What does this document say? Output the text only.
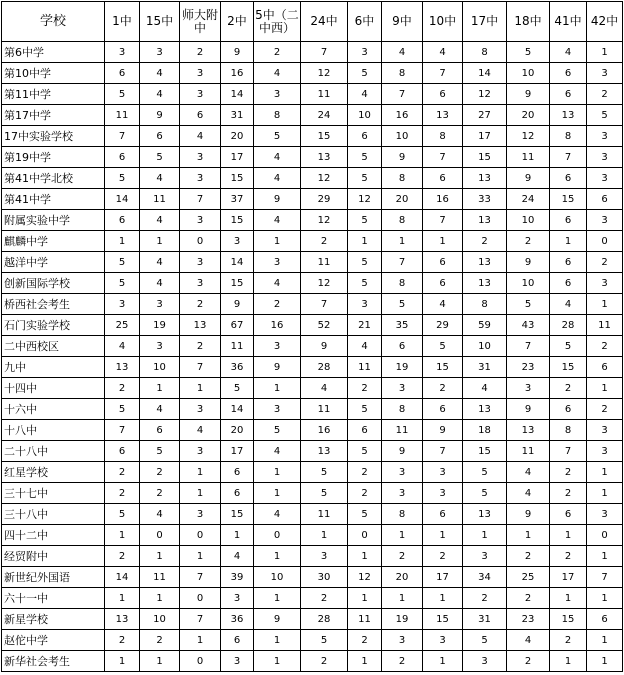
学校	1中	15中	师大附中	2中	5中（二中西）	24中	6中	9中	10中	17中	18中	41中	42中
第6中学	3	3	2	9	2	7	3	4	4	8	5	4	1
第10中学	6	4	3	16	4	12	5	8	7	14	10	6	3
第11中学	5	4	3	14	3	11	4	7	6	12	9	6	2
第17中学	11	9	6	31	8	24	10	16	13	27	20	13	5
17中实验学校	7	6	4	20	5	15	6	10	8	17	12	8	3
第19中学	6	5	3	17	4	13	5	9	7	15	11	7	3
第41中学北校	5	4	3	15	4	12	5	8	6	13	9	6	3
第41中学	14	11	7	37	9	29	12	20	16	33	24	15	6
附属实验中学	6	4	3	15	4	12	5	8	7	13	10	6	3
麒麟中学	1	1	0	3	1	2	1	1	1	2	2	1	0
越洋中学	5	4	3	14	3	11	5	7	6	13	9	6	2
创新国际学校	5	4	3	15	4	12	5	8	6	13	10	6	3
桥西社会考生	3	3	2	9	2	7	3	5	4	8	5	4	1
石门实验学校	25	19	13	67	16	52	21	35	29	59	43	28	11
二中西校区	4	3	2	11	3	9	4	6	5	10	7	5	2
九中	13	10	7	36	9	28	11	19	15	31	23	15	6
十四中	2	1	1	5	1	4	2	3	2	4	3	2	1
十六中	5	4	3	14	3	11	5	8	6	13	9	6	2
十八中	7	6	4	20	5	16	6	11	9	18	13	8	3
二十八中	6	5	3	17	4	13	5	9	7	15	11	7	3
红星学校	2	2	1	6	1	5	2	3	3	5	4	2	1
三十七中	2	2	1	6	1	5	2	3	3	5	4	2	1
三十八中	5	4	3	15	4	11	5	8	6	13	9	6	3
四十二中	1	0	0	1	0	1	0	1	1	1	1	1	0
经贸附中	2	1	1	4	1	3	1	2	2	3	2	2	1
新世纪外国语	14	11	7	39	10	30	12	20	17	34	25	17	7
六十一中	1	1	0	3	1	2	1	1	1	2	2	1	1
新星学校	13	10	7	36	9	28	11	19	15	31	23	15	6
赵佗中学	2	2	1	6	1	5	2	3	3	5	4	2	1
新华社会考生	1	1	0	3	1	2	1	2	1	3	2	1	1
